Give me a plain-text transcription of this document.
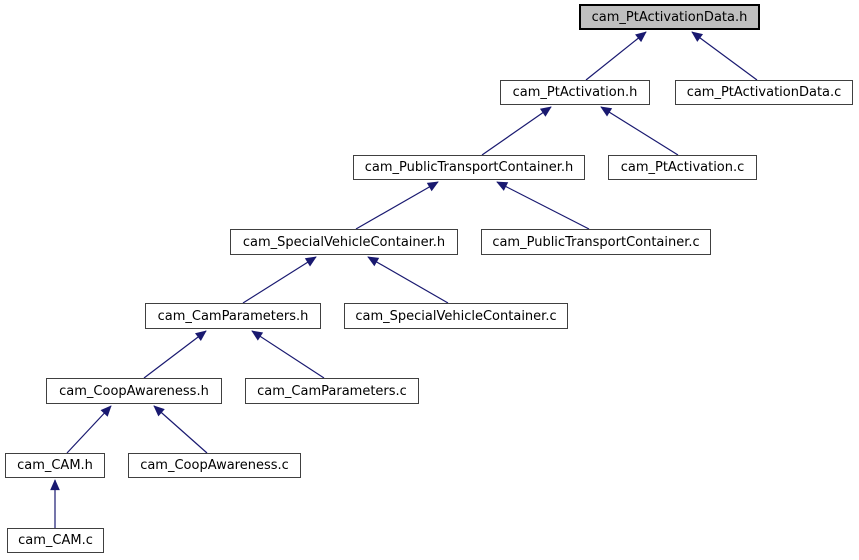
cam_PtActivationData.h
cam_PtActivation.h	cam_PtActivationData.c
cam_PublicTransportContainer.h	cam_PtActivation.c
cam_SpecialVehicleContainer.h	cam_PublicTransportContainer.c
cam_CamParameters.h	cam_SpecialVehicleContainer.c
cam_CoopAwareness.h	cam_CamParameters.c
cam_CAM.h	cam_CoopAwareness.c
cam_CAM.c
